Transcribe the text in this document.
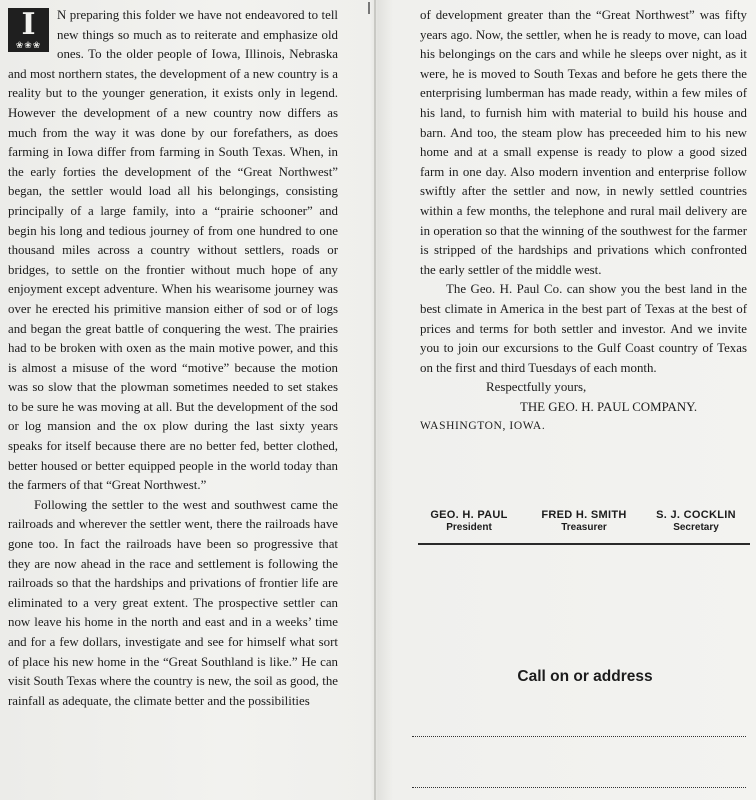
I
❀❀❀

N preparing this folder we have not endeavored to tell new things so much as to reiterate and emphasize old ones. To the older people of Iowa, Illinois, Nebraska and most northern states, the development of a new country is a reality but to the younger generation, it exists only in legend. However the development of a new country now differs as much from the way it was done by our forefathers, as does farming in Iowa differ from farming in South Texas. When, in the early forties the development of the “Great Northwest” began, the settler would load all his belongings, consisting principally of a large family, into a “prairie schooner” and begin his long and tedious journey of from one hundred to one thousand miles across a country without settlers, roads or bridges, to settle on the frontier without much hope of any enjoyment except adventure. When his wearisome journey was over he erected his primitive mansion either of sod or of logs and began the great battle of conquering the west. The prairies had to be broken with oxen as the main motive power, and this is almost a misuse of the word “motive” because the motion was so slow that the plowman sometimes needed to set stakes to be sure he was moving at all. But the development of the sod or log mansion and the ox plow during the last sixty years speaks for itself because there are no better fed, better clothed, better housed or better equipped people in the world today than the farmers of that “Great Northwest.”

Following the settler to the west and southwest came the railroads and wherever the settler went, there the railroads have gone too. In fact the railroads have been so progressive that they are now ahead in the race and settlement is following the railroads so that the hardships and privations of frontier life are eliminated to a very great extent. The prospective settler can now leave his home in the north and east and in a weeks’ time and for a few dollars, investigate and see for himself what sort of place his new home in the “Great Southland is like.” He can visit South Texas where the country is new, the soil as good, the rainfall as adequate, the climate better and the possibilities

of development greater than the “Great Northwest” was fifty years ago. Now, the settler, when he is ready to move, can load his belongings on the cars and while he sleeps over night, as it were, he is moved to South Texas and before he gets there the enterprising lumberman has made ready, within a few miles of his land, to furnish him with material to build his house and barn. And too, the steam plow has preceeded him to his new home and at a small expense is ready to plow a good sized farm in one day. Also modern invention and enterprise follow swiftly after the settler and now, in newly settled countries within a few months, the telephone and rural mail delivery are in operation so that the winning of the southwest for the farmer is stripped of the hardships and privations which confronted the early settler of the middle west.

The Geo. H. Paul Co. can show you the best land in the best climate in America in the best part of Texas at the best of prices and terms for both settler and investor. And we invite you to join our excursions to the Gulf Coast country of Texas on the first and third Tuesdays of each month.

Respectfully yours,

THE GEO. H. PAUL COMPANY.

WASHINGTON, IOWA.

GEO. H. PAUL
President
FRED H. SMITH
Treasurer
S. J. COCKLIN
Secretary
Call on or address
